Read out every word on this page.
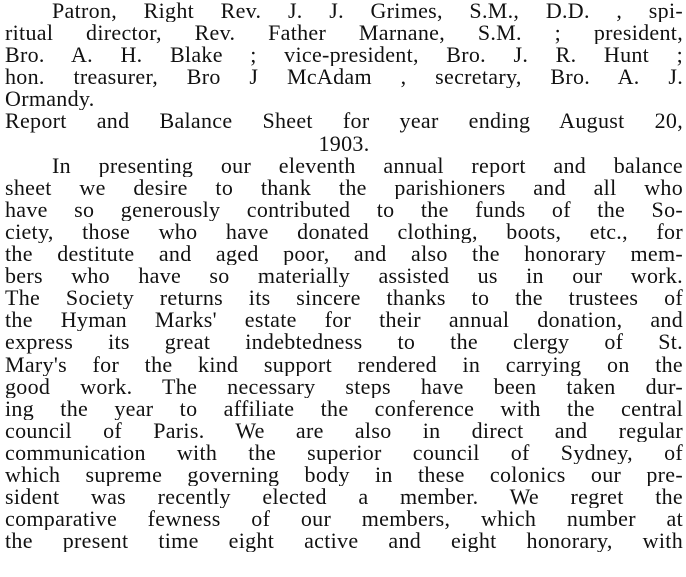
Patron, Right Rev. J. J. Grimes, S.M., D.D. , spi-
ritual director, Rev. Father Marnane, S.M. ; president,
Bro. A. H. Blake ; vice-president, Bro. J. R. Hunt ;
hon. treasurer, Bro J McAdam , secretary, Bro. A. J.
Ormandy.
Report and Balance Sheet for year ending August 20,
1903.
In presenting our eleventh annual report and balance
sheet we desire to thank the parishioners and all who
have so generously contributed to the funds of the So-
ciety, those who have donated clothing, boots, etc., for
the destitute and aged poor, and also the honorary mem-
bers who have so materially assisted us in our work.
The Society returns its sincere thanks to the trustees of
the Hyman Marks' estate for their annual donation, and
express its great indebtedness to the clergy of St.
Mary's for the kind support rendered in carrying on the
good work. The necessary steps have been taken dur-
ing the year to affiliate the conference with the central
council of Paris. We are also in direct and regular
communication with the superior council of Sydney, of
which supreme governing body in these colonics our pre-
sident was recently elected a member. We regret the
comparative fewness of our members, which number at
the present time eight active and eight honorary, with
